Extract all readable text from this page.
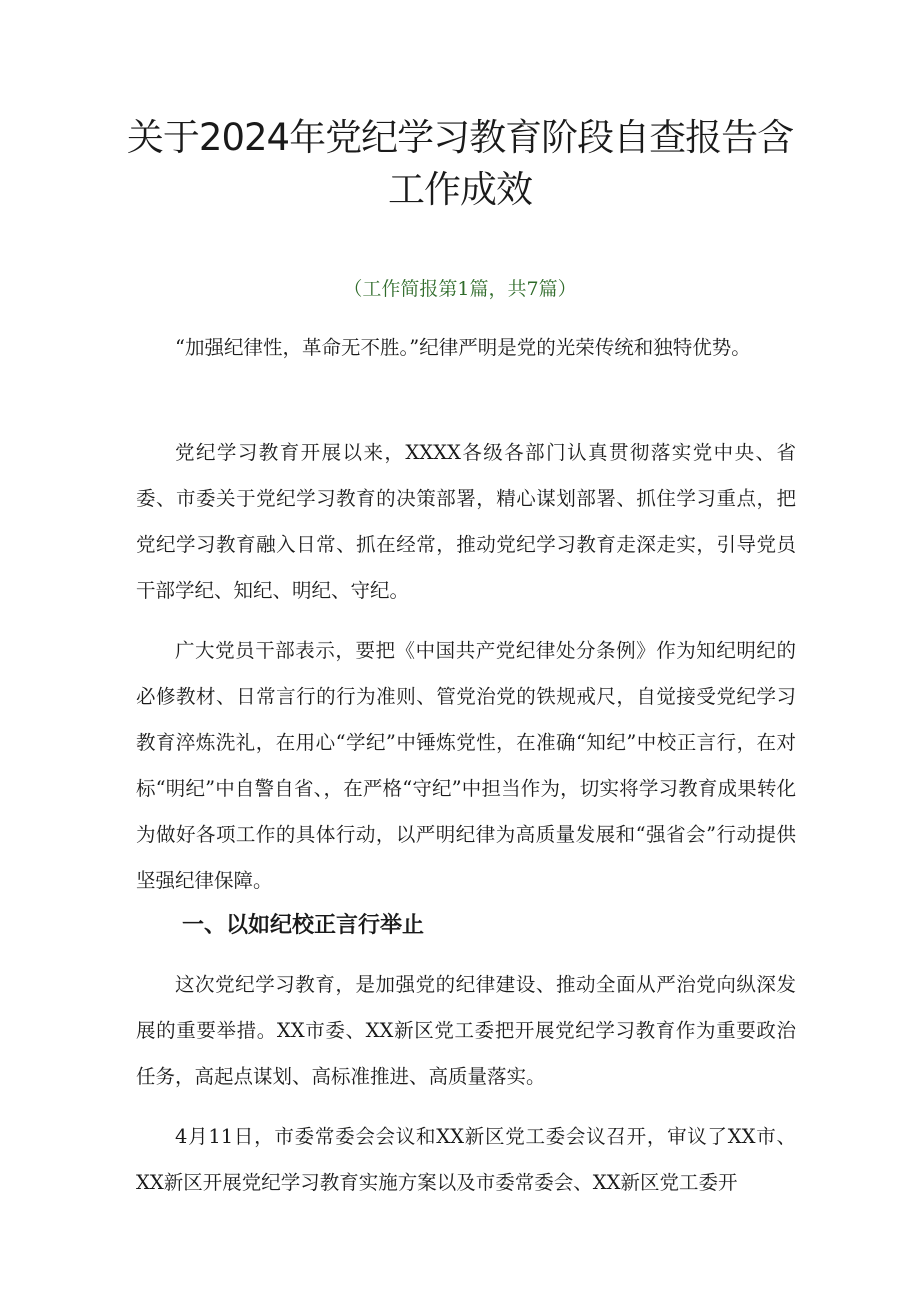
关于2024年党纪学习教育阶段自查报告含
工作成效
（工作简报第1篇，共7篇）

“加强纪律性，革命无不胜。”纪律严明是党的光荣传统和独特优势。

党纪学习教育开展以来，XXXX各级各部门认真贯彻落实党中央、省委、市委关于党纪学习教育的决策部署，精心谋划部署、抓住学习重点，把党纪学习教育融入日常、抓在经常，推动党纪学习教育走深走实，引导党员干部学纪、知纪、明纪、守纪。

广大党员干部表示，要把《中国共产党纪律处分条例》作为知纪明纪的必修教材、日常言行的行为准则、管党治党的铁规戒尺，自觉接受党纪学习教育淬炼洗礼，在用心“学纪”中锤炼党性，在准确“知纪”中校正言行，在对标“明纪”中自警自省、，在严格“守纪”中担当作为，切实将学习教育成果转化为做好各项工作的具体行动，以严明纪律为高质量发展和“强省会”行动提供坚强纪律保障。

一、以如纪校正言行举止

这次党纪学习教育，是加强党的纪律建设、推动全面从严治党向纵深发展的重要举措。XX市委、XX新区党工委把开展党纪学习教育作为重要政治任务，高起点谋划、高标准推进、高质量落实。

4月11日，市委常委会会议和XX新区党工委会议召开，审议了XX市、XX新区开展党纪学习教育实施方案以及市委常委会、XX新区党工委开
